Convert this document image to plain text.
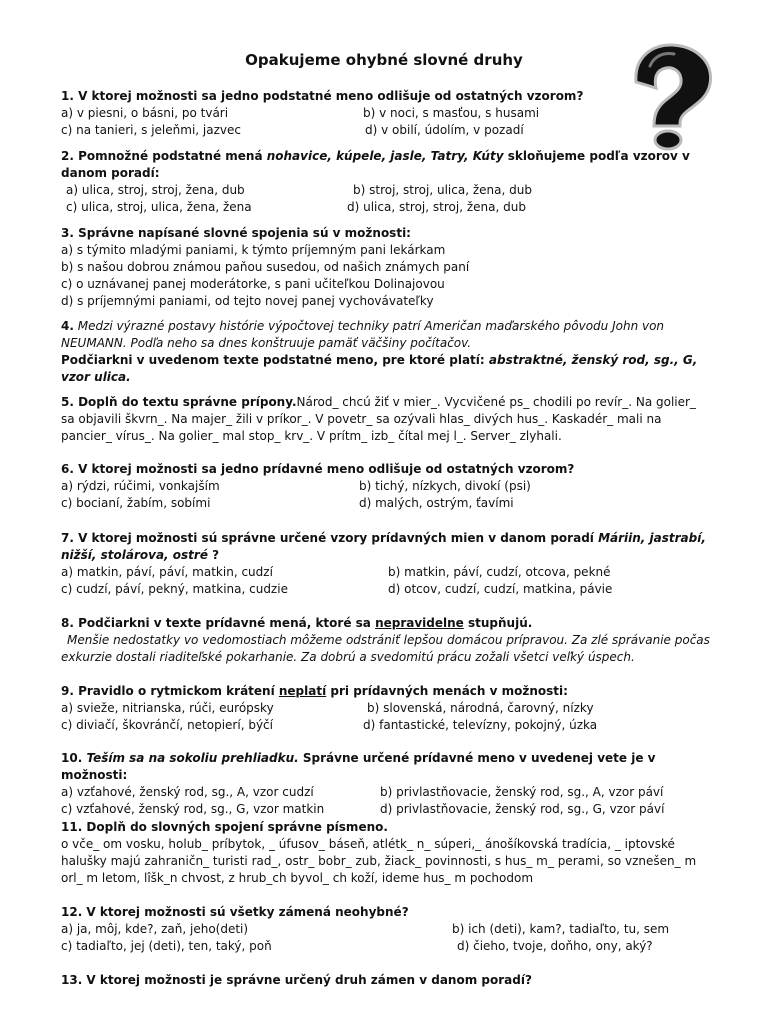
Opakujeme ohybné slovné druhy

1. V ktorej možnosti sa jedno podstatné meno odlišuje od ostatných vzorom?

a) v piesni, o básni, po tvári	b) v noci, s masťou, s husami
c) na tanieri, s jeleňmi, jazvec	d) v obilí, údolím, v pozadí

2. Pomnožné podstatné mená nohavice, kúpele, jasle, Tatry, Kúty skloňujeme podľa vzorov v danom poradí:

a) ulica, stroj, stroj, žena, dub	b) stroj, stroj, ulica, žena, dub
c) ulica, stroj, ulica, žena, žena	d) ulica, stroj, stroj, žena, dub

3. Správne napísané slovné spojenia sú v možnosti:

a) s týmito mladými paniami, k týmto príjemným pani lekárkam
b) s našou dobrou známou paňou susedou, od našich známych paní
c) o uznávanej panej moderátorke, s pani učiteľkou Dolinajovou
d) s príjemnými paniami, od tejto novej panej vychovávateľky

4. Medzi výrazné postavy histórie výpočtovej techniky patrí Američan maďarského pôvodu John von NEUMANN. Podľa neho sa dnes konštruuje pamäť väčšiny počítačov.

Podčiarkni v uvedenom texte podstatné meno, pre ktoré platí: abstraktné, ženský rod, sg., G, vzor ulica.

5. Doplň do textu správne prípony.Národ_ chcú žiť v mier_. Vycvičené ps_ chodili po revír_. Na golier_ sa objavili škvrn_. Na majer_ žili v príkor_. V povetr_ sa ozývali hlas_ divých hus_. Kaskadér_ mali na pancier_ vírus_. Na golier_ mal stop_ krv_. V prítm_ izb_ čítal mej l_. Server_ zlyhali.

6. V ktorej možnosti sa jedno prídavné meno odlišuje od ostatných vzorom?

a) rýdzi, rúčimi, vonkajším	b) tichý, nízkych, divokí (psi)
c) bocianí, žabím, sobími	d) malých, ostrým, ťavími

7. V ktorej možnosti sú správne určené vzory prídavných mien v danom poradí Máriin, jastrabí, nižší, stolárova, ostré ?

a) matkin, páví, páví, matkin, cudzí	b) matkin, páví, cudzí, otcova, pekné
c) cudzí, páví, pekný, matkina, cudzie	d) otcov, cudzí, cudzí, matkina, pávie

8. Podčiarkni v texte prídavné mená, ktoré sa nepravidelne stupňujú.

Menšie nedostatky vo vedomostiach môžeme odstrániť lepšou domácou prípravou. Za zlé správanie počas exkurzie dostali riaditeľské pokarhanie. Za dobrú a svedomitú prácu zožali všetci veľký úspech.

9. Pravidlo o rytmickom krátení neplatí pri prídavných menách v možnosti:

a) svieže, nitrianska, rúči, európsky	b) slovenská, národná, čarovný, nízky
c) diviačí, škovránčí, netopierí, býčí	d) fantastické, televízny, pokojný, úzka

10. Teším sa na sokoliu prehliadku. Správne určené prídavné meno v uvedenej vete je v možnosti:

a) vzťahové, ženský rod, sg., A, vzor cudzí	b) privlastňovacie, ženský rod, sg., A, vzor páví
c) vzťahové, ženský rod, sg., G, vzor matkin	d) privlastňovacie, ženský rod, sg., G, vzor páví

11. Doplň do slovných spojení správne písmeno.

o vče_ om vosku, holub_ príbytok, _ úfusov_ báseň, atlétk_ n_ súperi,_ ánošíkovská tradícia, _ iptovské halušky majú zahraničn_ turisti rad_, ostr_ bobr_ zub, žiack_ povinnosti, s hus_ m_ perami, so vznešen_ m orl_ m letom, lîšk_n chvost, z hrub_ch byvol_ ch koží, ideme hus_ m pochodom

12. V ktorej možnosti sú všetky zámená neohybné?

a) ja, môj, kde?, zaň, jeho(deti)	b) ich (deti), kam?, tadiaľto, tu, sem
c) tadiaľto, jej (deti), ten, taký, poň	d) čieho, tvoje, doňho, ony, aký?

13. V ktorej možnosti je správne určený druh zámen v danom poradí?
